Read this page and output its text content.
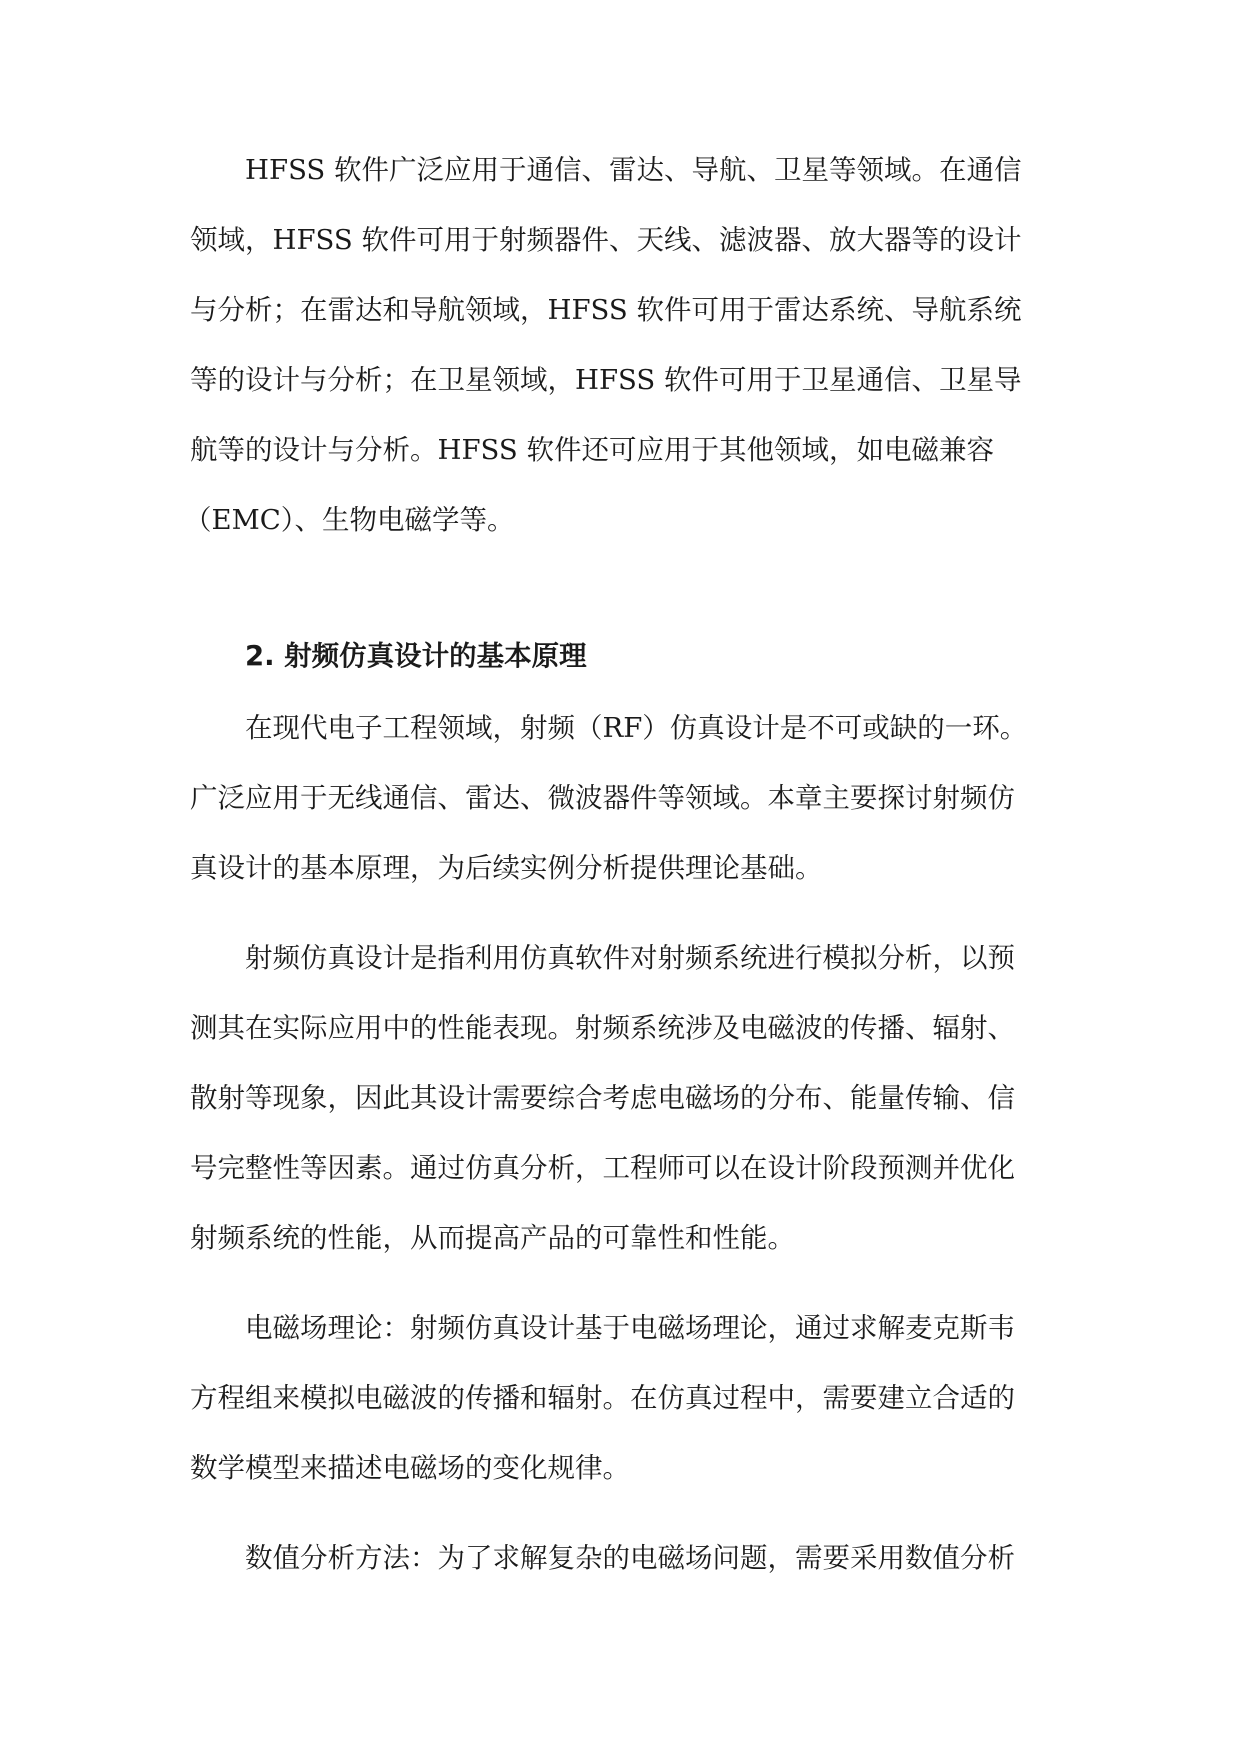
HFSS 软件广泛应用于通信、雷达、导航、卫星等领域。在通信
领域，HFSS 软件可用于射频器件、天线、滤波器、放大器等的设计
与分析；在雷达和导航领域，HFSS 软件可用于雷达系统、导航系统
等的设计与分析；在卫星领域，HFSS 软件可用于卫星通信、卫星导
航等的设计与分析。HFSS 软件还可应用于其他领域，如电磁兼容
（EMC）、生物电磁学等。
2. 射频仿真设计的基本原理
在现代电子工程领域，射频（RF）仿真设计是不可或缺的一环。
广泛应用于无线通信、雷达、微波器件等领域。本章主要探讨射频仿
真设计的基本原理，为后续实例分析提供理论基础。
射频仿真设计是指利用仿真软件对射频系统进行模拟分析，以预
测其在实际应用中的性能表现。射频系统涉及电磁波的传播、辐射、
散射等现象，因此其设计需要综合考虑电磁场的分布、能量传输、信
号完整性等因素。通过仿真分析，工程师可以在设计阶段预测并优化
射频系统的性能，从而提高产品的可靠性和性能。
电磁场理论：射频仿真设计基于电磁场理论，通过求解麦克斯韦
方程组来模拟电磁波的传播和辐射。在仿真过程中，需要建立合适的
数学模型来描述电磁场的变化规律。
数值分析方法：为了求解复杂的电磁场问题，需要采用数值分析
